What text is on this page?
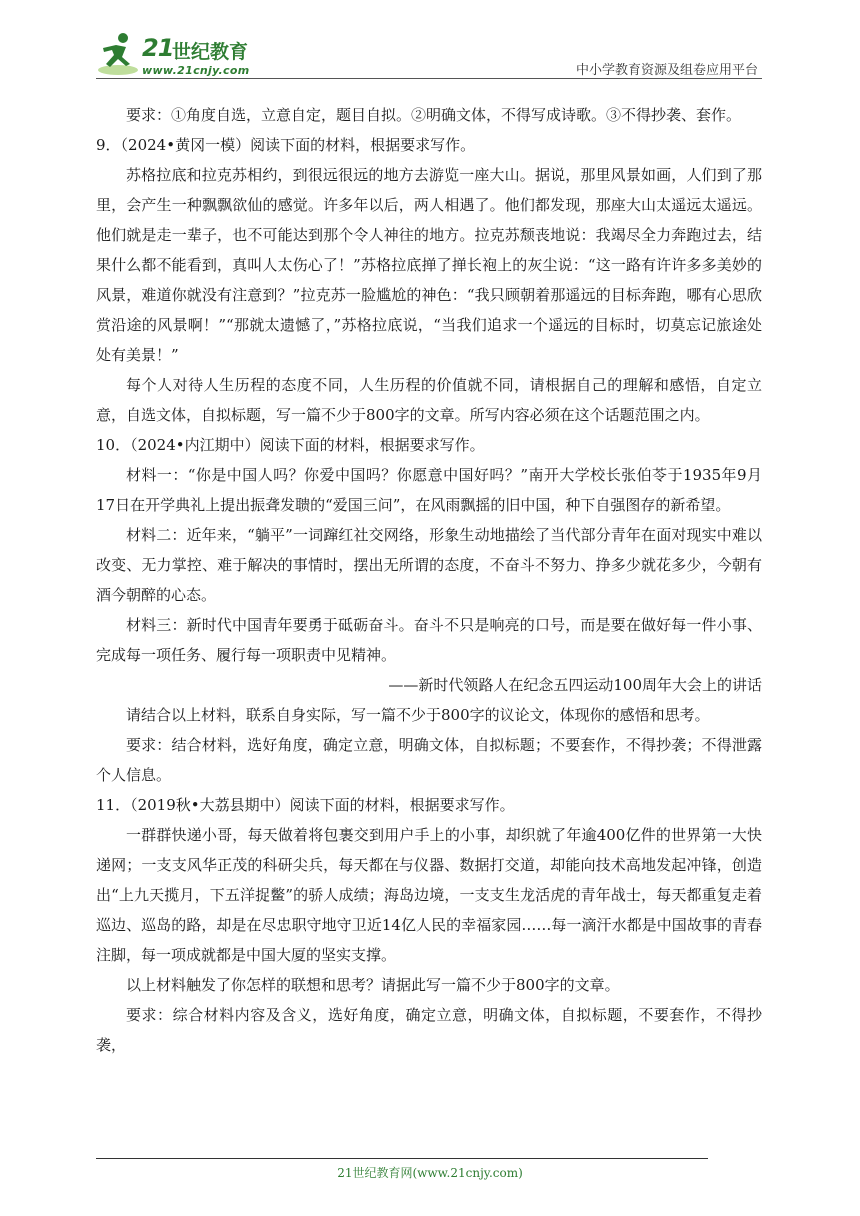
21
世纪教育
www.21cnjy.com	中小学教育资源及组卷应用平台

要求：①角度自选，立意自定，题目自拟。②明确文体，不得写成诗歌。③不得抄袭、套作。

9．（2024•黄冈一模）阅读下面的材料，根据要求写作。

苏格拉底和拉克苏相约，到很远很远的地方去游览一座大山。据说，那里风景如画，人们到了那里，会产生一种飘飘欲仙的感觉。许多年以后，两人相遇了。他们都发现，那座大山太遥远太遥远。他们就是走一辈子，也不可能达到那个令人神往的地方。拉克苏颓丧地说：我竭尽全力奔跑过去，结果什么都不能看到，真叫人太伤心了！”苏格拉底掸了掸长袍上的灰尘说：“这一路有许许多多美妙的风景，难道你就没有注意到？”拉克苏一脸尴尬的神色：“我只顾朝着那遥远的目标奔跑，哪有心思欣赏沿途的风景啊！”“那就太遗憾了，”苏格拉底说，“当我们追求一个遥远的目标时，切莫忘记旅途处处有美景！”

每个人对待人生历程的态度不同，人生历程的价值就不同，请根据自己的理解和感悟，自定立意，自选文体，自拟标题，写一篇不少于800字的文章。所写内容必须在这个话题范围之内。

10．（2024•内江期中）阅读下面的材料，根据要求写作。

材料一：“你是中国人吗？你爱中国吗？你愿意中国好吗？”南开大学校长张伯苓于1935年9月17日在开学典礼上提出振聋发聩的“爱国三问”，在风雨飘摇的旧中国，种下自强图存的新希望。

材料二：近年来，“躺平”一词蹿红社交网络，形象生动地描绘了当代部分青年在面对现实中难以改变、无力掌控、难于解决的事情时，摆出无所谓的态度，不奋斗不努力、挣多少就花多少，今朝有酒今朝醉的心态。

材料三：新时代中国青年要勇于砥砺奋斗。奋斗不只是响亮的口号，而是要在做好每一件小事、完成每一项任务、履行每一项职责中见精神。

——新时代领路人在纪念五四运动100周年大会上的讲话

请结合以上材料，联系自身实际，写一篇不少于800字的议论文，体现你的感悟和思考。

要求：结合材料，选好角度，确定立意，明确文体，自拟标题；不要套作，不得抄袭；不得泄露个人信息。

11．（2019秋•大荔县期中）阅读下面的材料，根据要求写作。

一群群快递小哥，每天做着将包裹交到用户手上的小事，却织就了年逾400亿件的世界第一大快递网；一支支风华正茂的科研尖兵，每天都在与仪器、数据打交道，却能向技术高地发起冲锋，创造出“上九天揽月，下五洋捉鳖”的骄人成绩；海岛边境，一支支生龙活虎的青年战士，每天都重复走着巡边、巡岛的路，却是在尽忠职守地守卫近14亿人民的幸福家园……每一滴汗水都是中国故事的青春注脚，每一项成就都是中国大厦的坚实支撑。

以上材料触发了你怎样的联想和思考？请据此写一篇不少于800字的文章。

要求：综合材料内容及含义，选好角度，确定立意，明确文体，自拟标题，不要套作，不得抄袭，

21世纪教育网(www.21cnjy.com)
